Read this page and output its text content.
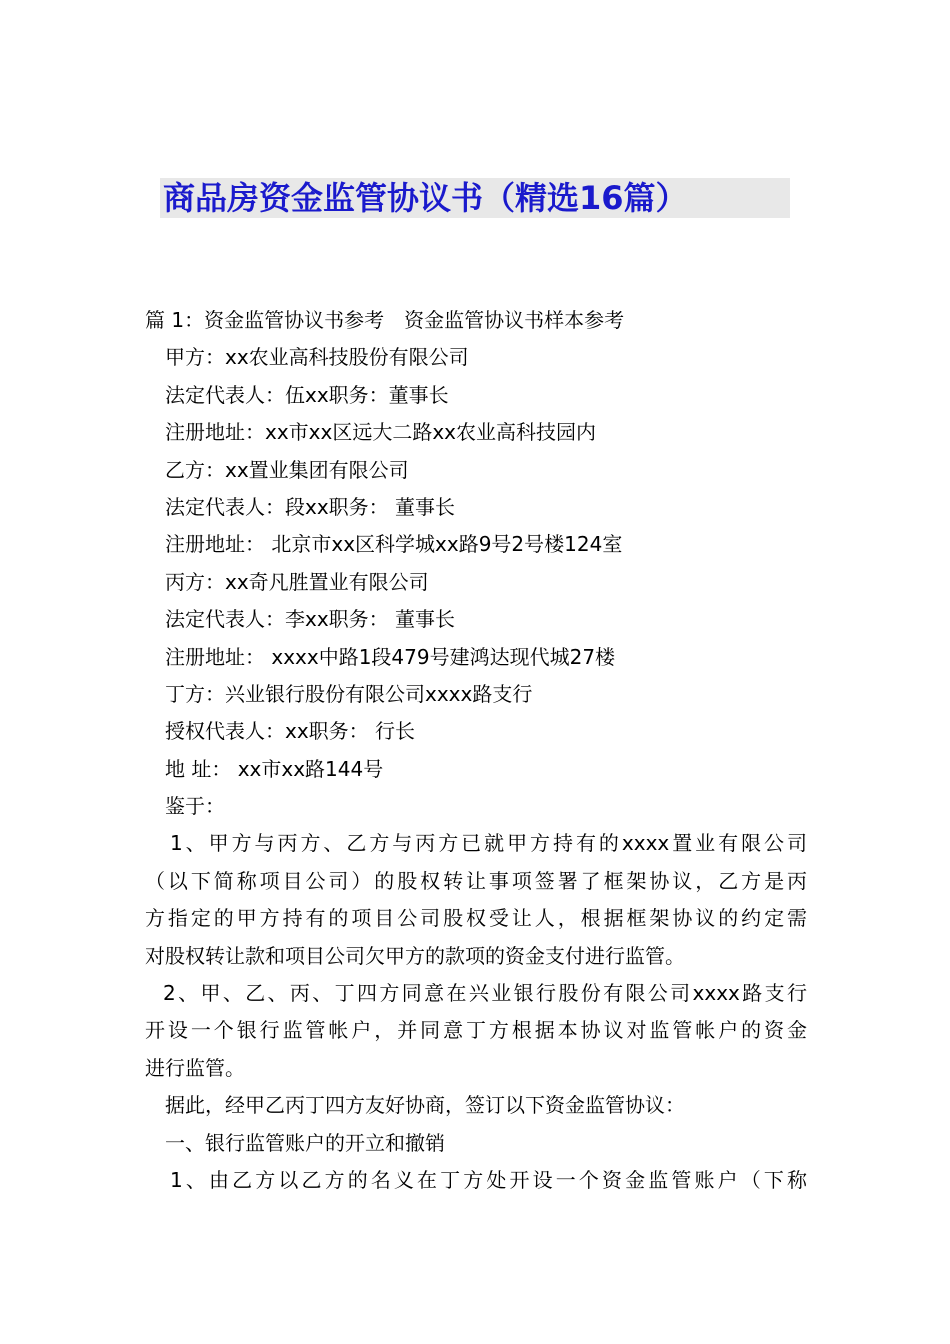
商品房资金监管协议书（精选16篇）
篇 1：资金监管协议书参考　资金监管协议书样本参考
甲方：xx农业高科技股份有限公司
法定代表人：伍xx职务：董事长
注册地址：xx市xx区远大二路xx农业高科技园内
乙方：xx置业集团有限公司
法定代表人：段xx职务： 董事长
注册地址： 北京市xx区科学城xx路9号2号楼124室
丙方：xx奇凡胜置业有限公司
法定代表人：李xx职务： 董事长
注册地址： xxxx中路1段479号建鸿达现代城27楼
丁方：兴业银行股份有限公司xxxx路支行
授权代表人：xx职务： 行长
地 址： xx市xx路144号
鉴于：
1、甲方与丙方、乙方与丙方已就甲方持有的xxxx置业有限公司
（以下简称项目公司）的股权转让事项签署了框架协议，乙方是丙
方指定的甲方持有的项目公司股权受让人，根据框架协议的约定需
对股权转让款和项目公司欠甲方的款项的资金支付进行监管。
2、甲、乙、丙、丁四方同意在兴业银行股份有限公司xxxx路支行
开设一个银行监管帐户，并同意丁方根据本协议对监管帐户的资金
进行监管。
据此，经甲乙丙丁四方友好协商，签订以下资金监管协议：
一、银行监管账户的开立和撤销
1、由乙方以乙方的名义在丁方处开设一个资金监管账户（下称
